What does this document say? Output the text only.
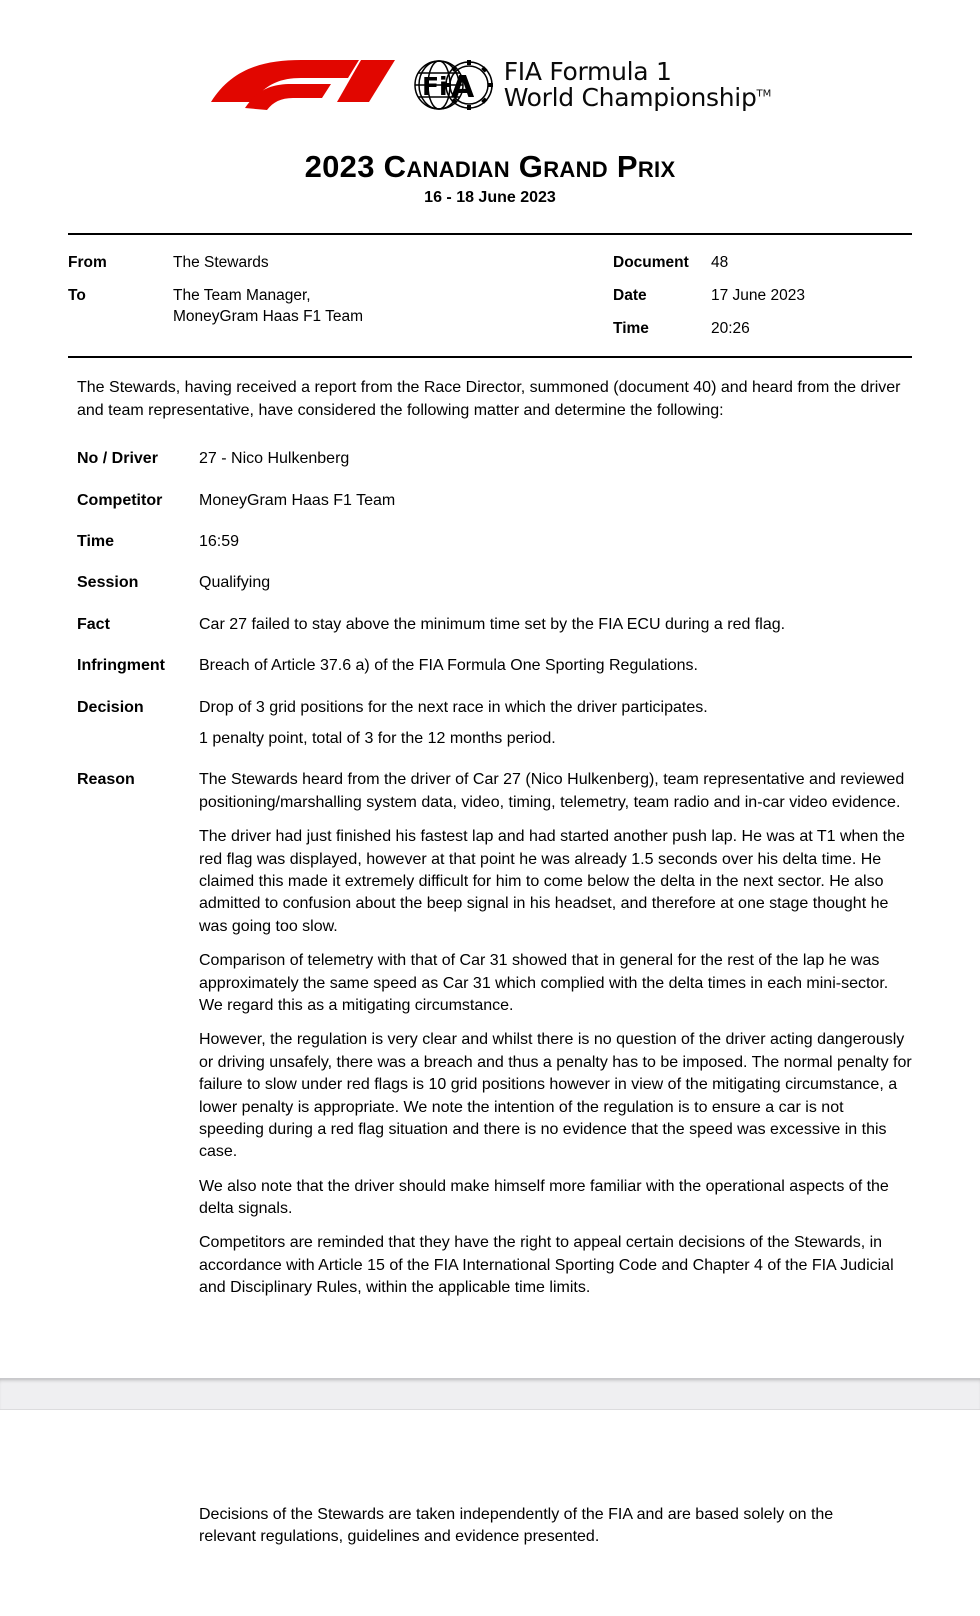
F i A FIA Formula 1
World Championship™
2023 Canadian Grand Prix
16 - 18 June 2023
From	The Stewards
To	The Team Manager,
MoneyGram Haas F1 Team
Document	48
Date	17 June 2023
Time	20:26
The Stewards, having received a report from the Race Director, summoned (document 40) and heard from the driver and team representative, have considered the following matter and determine the following:
No / Driver	27 - Nico Hulkenberg
Competitor	MoneyGram Haas F1 Team
Time	16:59
Session	Qualifying
Fact	Car 27 failed to stay above the minimum time set by the FIA ECU during a red flag.
Infringment	Breach of Article 37.6 a) of the FIA Formula One Sporting Regulations.
Decision	Drop of 3 grid positions for the next race in which the driver participates.

1 penalty point, total of 3 for the 12 months period.

Reason	The Stewards heard from the driver of Car 27 (Nico Hulkenberg), team representative and reviewed positioning/marshalling system data, video, timing, telemetry, team radio and in-car video evidence.

The driver had just finished his fastest lap and had started another push lap. He was at T1 when the red flag was displayed, however at that point he was already 1.5 seconds over his delta time. He claimed this made it extremely difficult for him to come below the delta in the next sector. He also admitted to confusion about the beep signal in his headset, and therefore at one stage thought he was going too slow.

Comparison of telemetry with that of Car 31 showed that in general for the rest of the lap he was approximately the same speed as Car 31 which complied with the delta times in each mini-sector. We regard this as a mitigating circumstance.

However, the regulation is very clear and whilst there is no question of the driver acting dangerously or driving unsafely, there was a breach and thus a penalty has to be imposed. The normal penalty for failure to slow under red flags is 10 grid positions however in view of the mitigating circumstance, a lower penalty is appropriate. We note the intention of the regulation is to ensure a car is not speeding during a red flag situation and there is no evidence that the speed was excessive in this case.

We also note that the driver should make himself more familiar with the operational aspects of the delta signals.

Competitors are reminded that they have the right to appeal certain decisions of the Stewards, in accordance with Article 15 of the FIA International Sporting Code and Chapter 4 of the FIA Judicial and Disciplinary Rules, within the applicable time limits.

Decisions of the Stewards are taken independently of the FIA and are based solely on the relevant regulations, guidelines and evidence presented.
